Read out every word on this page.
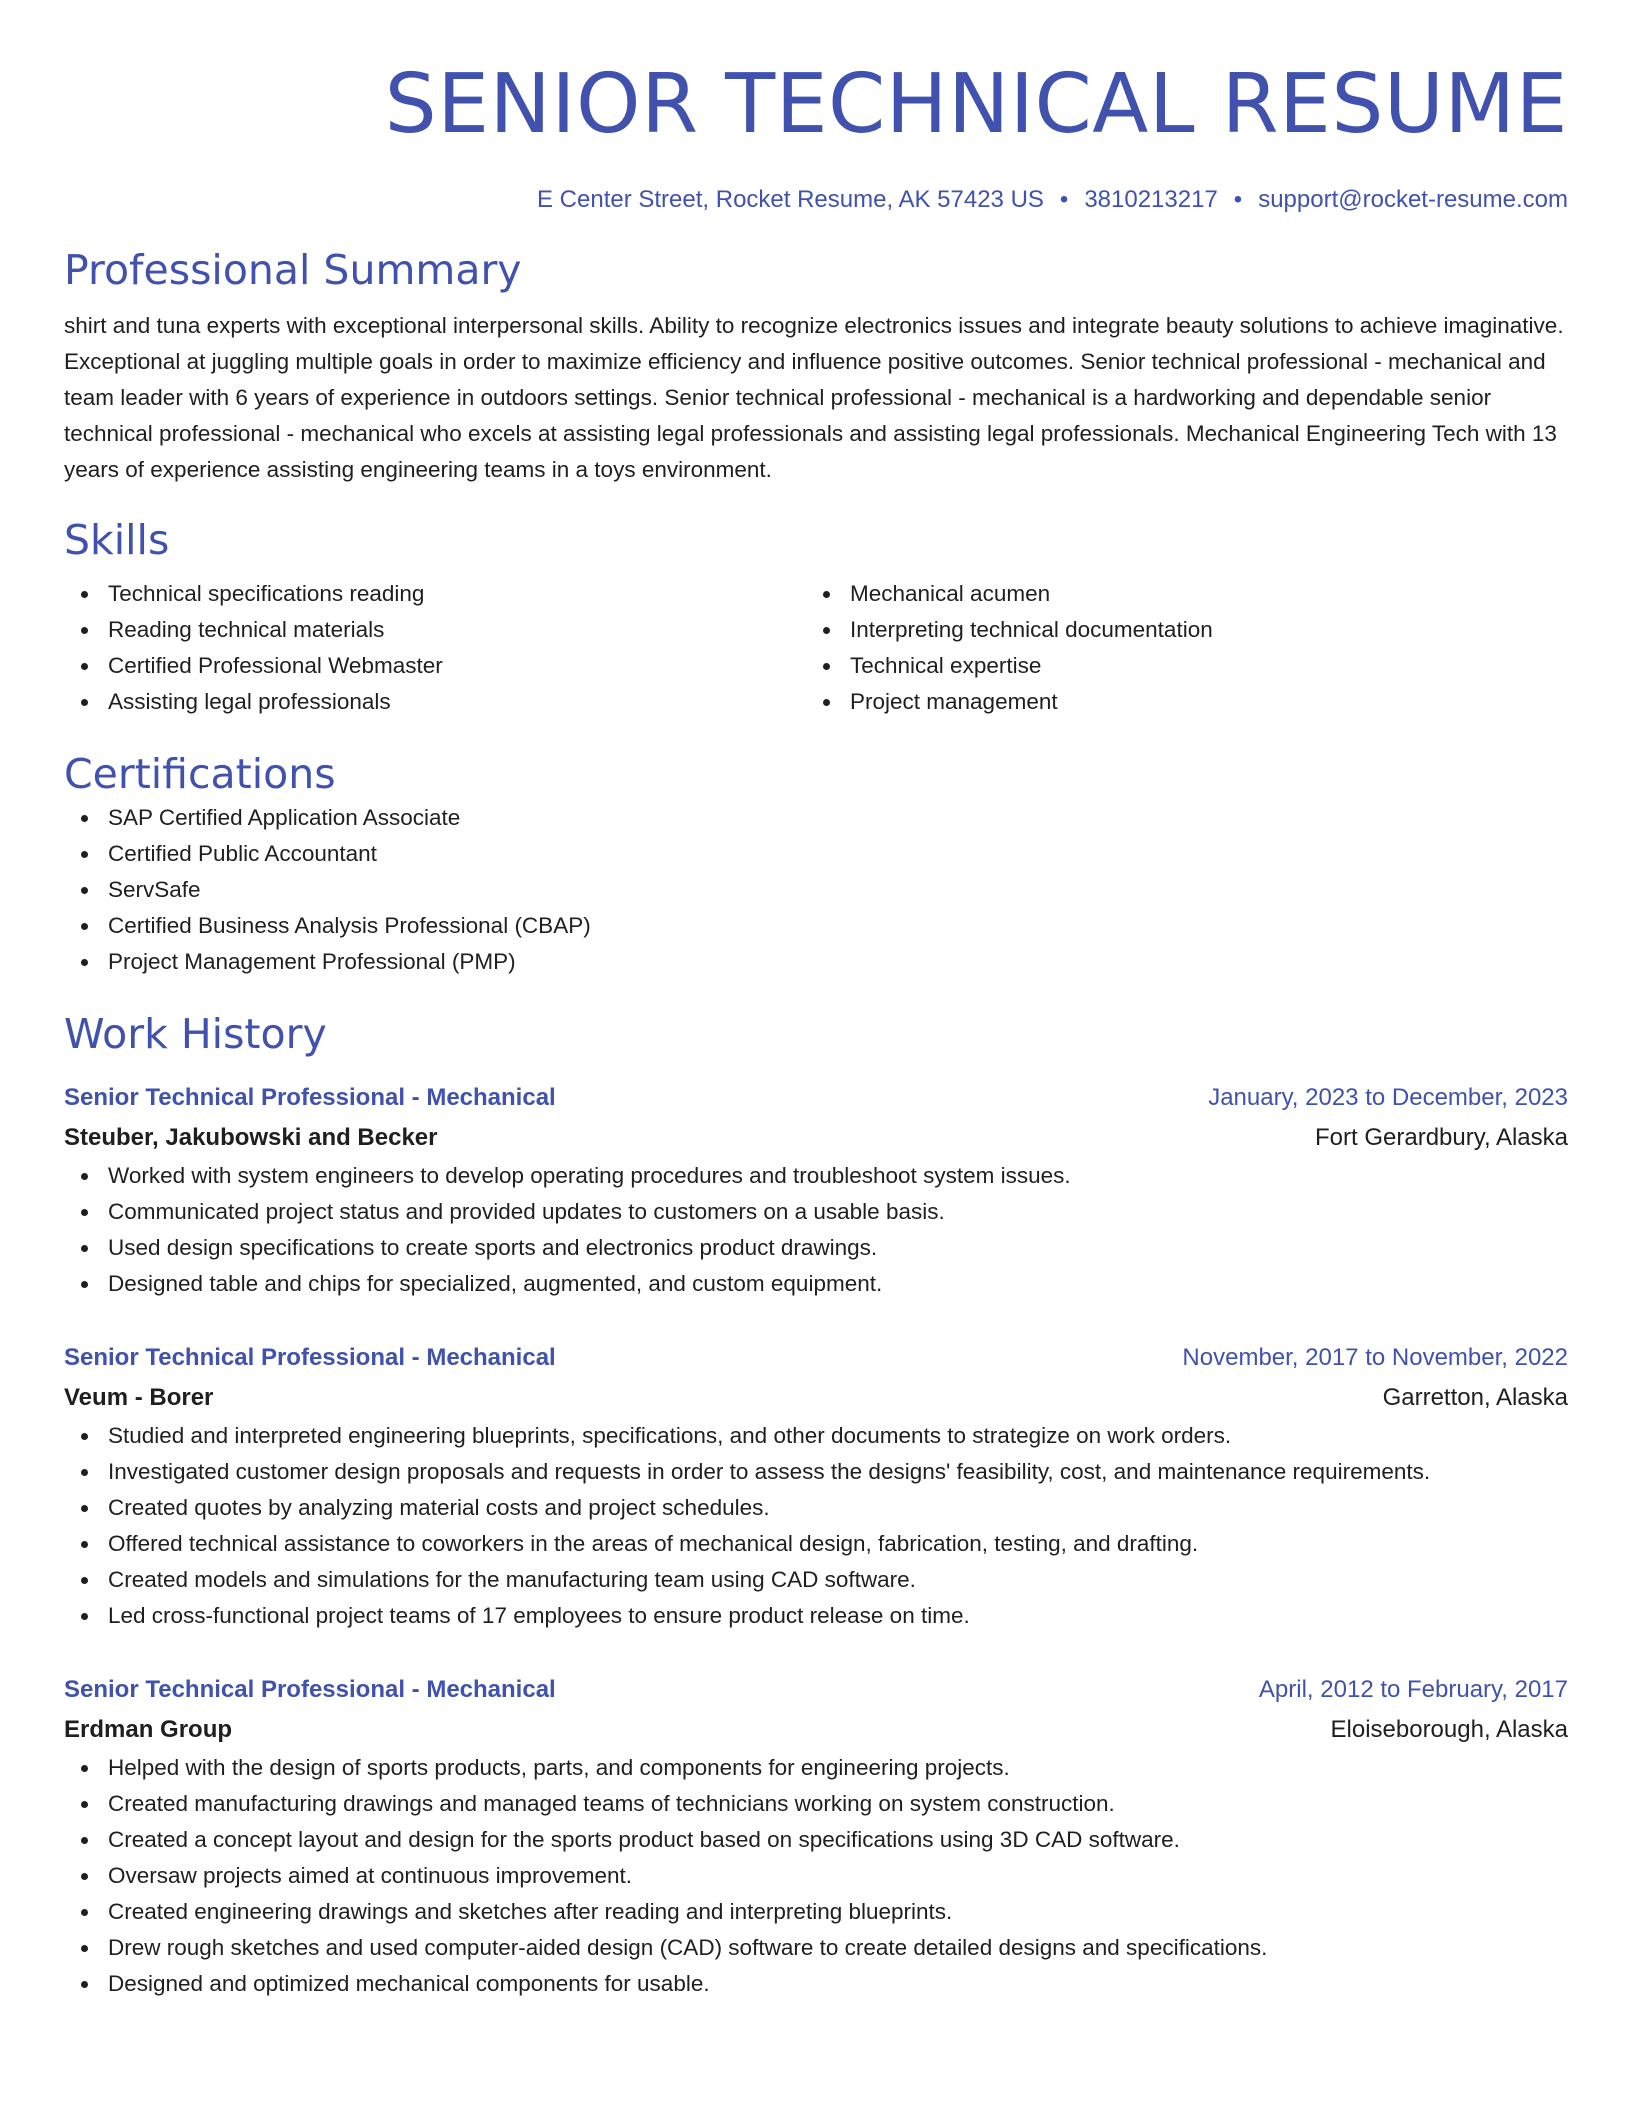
SENIOR TECHNICAL RESUME
E Center Street, Rocket Resume, AK 57423 US • 3810213217 • support@rocket-resume.com
Professional Summary
shirt and tuna experts with exceptional interpersonal skills. Ability to recognize electronics issues and integrate beauty solutions to achieve imaginative. Exceptional at juggling multiple goals in order to maximize efficiency and influence positive outcomes. Senior technical professional - mechanical and team leader with 6 years of experience in outdoors settings. Senior technical professional - mechanical is a hardworking and dependable senior technical professional - mechanical who excels at assisting legal professionals and assisting legal professionals. Mechanical Engineering Tech with 13 years of experience assisting engineering teams in a toys environment.
Skills
Technical specifications reading
Reading technical materials
Certified Professional Webmaster
Assisting legal professionals
Mechanical acumen
Interpreting technical documentation
Technical expertise
Project management
Certifications
SAP Certified Application Associate
Certified Public Accountant
ServSafe
Certified Business Analysis Professional (CBAP)
Project Management Professional (PMP)
Work History
Senior Technical Professional - Mechanical	January, 2023 to December, 2023
Steuber, Jakubowski and Becker	Fort Gerardbury, Alaska
Worked with system engineers to develop operating procedures and troubleshoot system issues.
Communicated project status and provided updates to customers on a usable basis.
Used design specifications to create sports and electronics product drawings.
Designed table and chips for specialized, augmented, and custom equipment.
Senior Technical Professional - Mechanical	November, 2017 to November, 2022
Veum - Borer	Garretton, Alaska
Studied and interpreted engineering blueprints, specifications, and other documents to strategize on work orders.
Investigated customer design proposals and requests in order to assess the designs' feasibility, cost, and maintenance requirements.
Created quotes by analyzing material costs and project schedules.
Offered technical assistance to coworkers in the areas of mechanical design, fabrication, testing, and drafting.
Created models and simulations for the manufacturing team using CAD software.
Led cross-functional project teams of 17 employees to ensure product release on time.
Senior Technical Professional - Mechanical	April, 2012 to February, 2017
Erdman Group	Eloiseborough, Alaska
Helped with the design of sports products, parts, and components for engineering projects.
Created manufacturing drawings and managed teams of technicians working on system construction.
Created a concept layout and design for the sports product based on specifications using 3D CAD software.
Oversaw projects aimed at continuous improvement.
Created engineering drawings and sketches after reading and interpreting blueprints.
Drew rough sketches and used computer-aided design (CAD) software to create detailed designs and specifications.
Designed and optimized mechanical components for usable.
